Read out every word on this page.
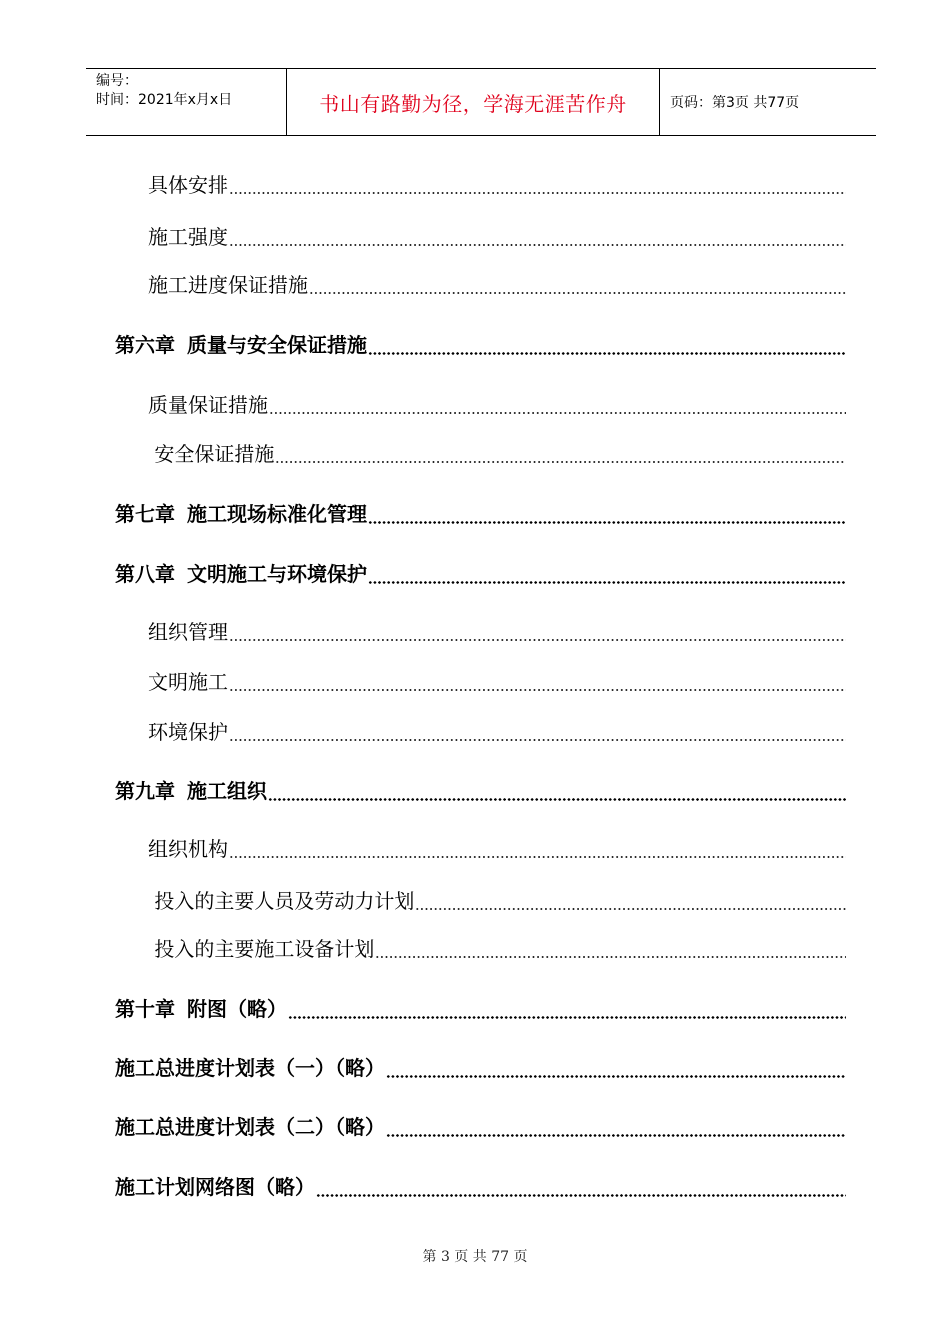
编号：
时间：2021年x月x日	书山有路勤为径，学海无涯苦作舟	页码：第3页 共77页
具体安排
施工强度
施工进度保证措施
第六章 质量与安全保证措施
质量保证措施
安全保证措施
第七章 施工现场标准化管理
第八章 文明施工与环境保护
组织管理
文明施工
环境保护
第九章 施工组织
组织机构
投入的主要人员及劳动力计划
投入的主要施工设备计划
第十章 附图（略）
施工总进度计划表（一）（略）
施工总进度计划表（二）（略）
施工计划网络图（略）
第 3 页 共 77 页
